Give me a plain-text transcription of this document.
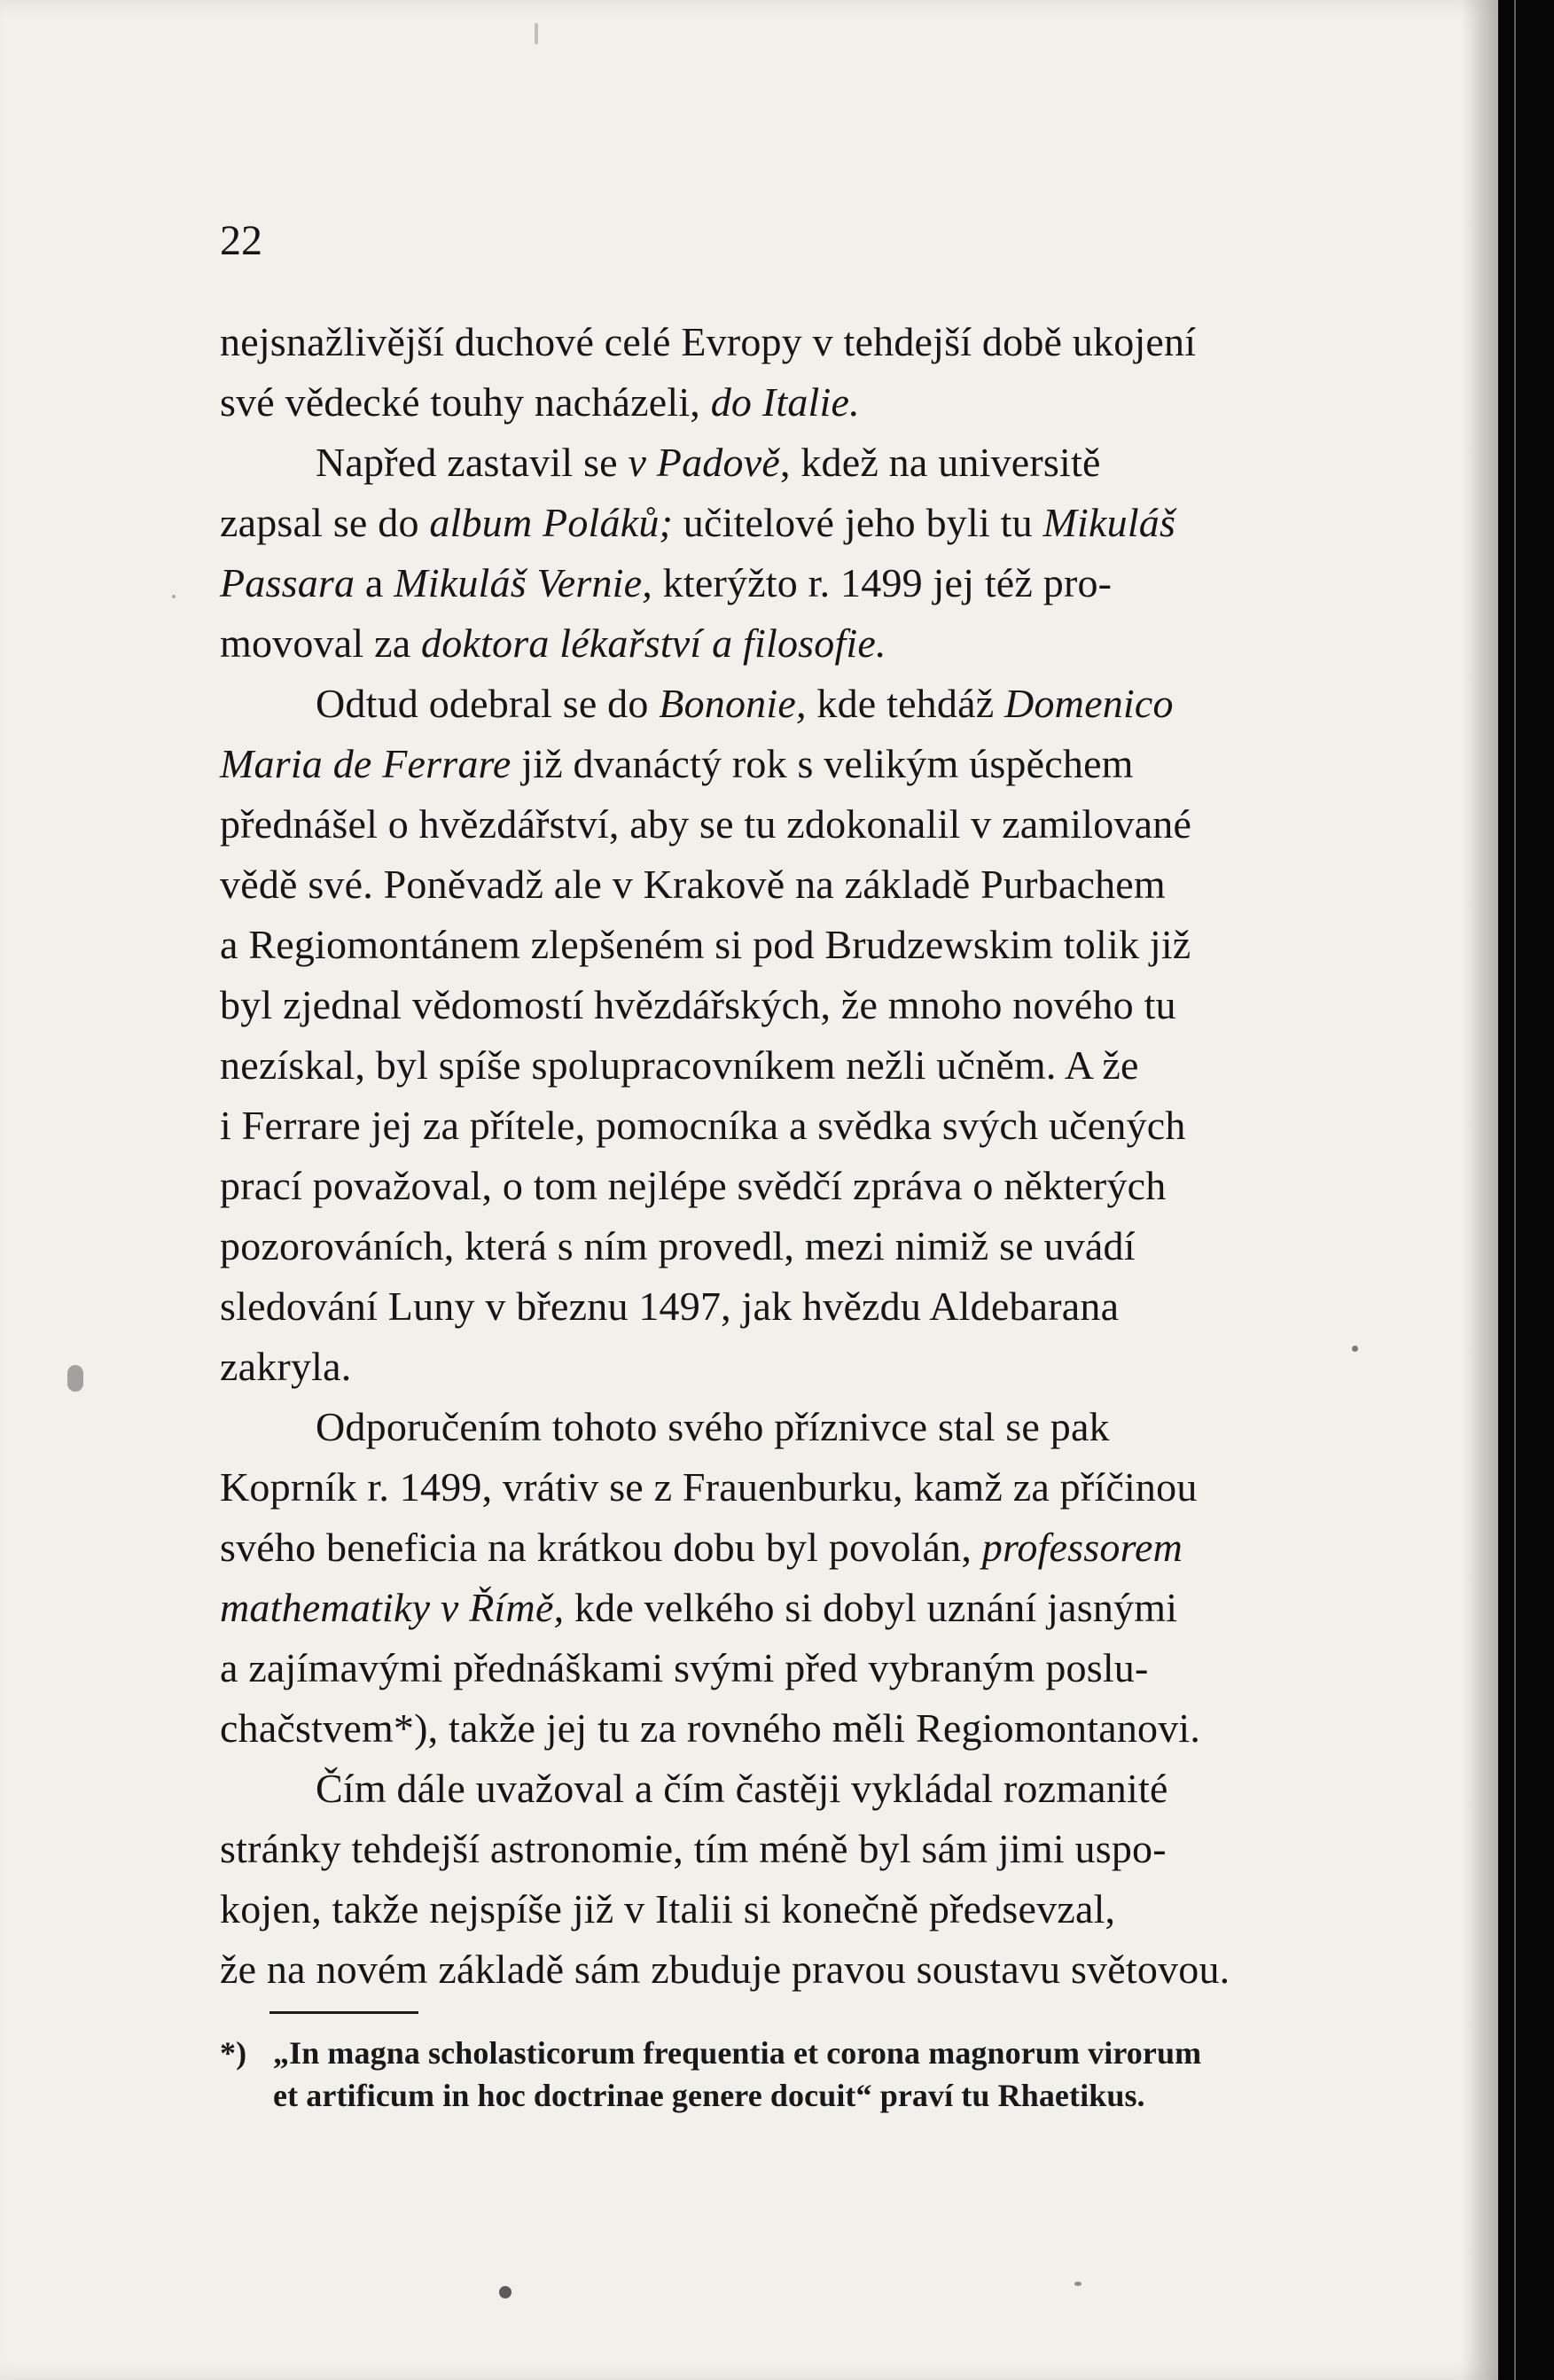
22

nejsnažlivější duchové celé Evropy v tehdejší době ukojení
své vědecké touhy nacházeli, do Italie.

Napřed zastavil se v Padově, kdež na universitě
zapsal se do album Poláků; učitelové jeho byli tu Mikuláš
Passara a Mikuláš Vernie, kterýžto r. 1499 jej též pro-
movoval za doktora lékařství a filosofie.

Odtud odebral se do Bononie, kde tehdáž Domenico
Maria de Ferrare již dvanáctý rok s velikým úspěchem
přednášel o hvězdářství, aby se tu zdokonalil v zamilované
vědě své. Poněvadž ale v Krakově na základě Purbachem
a Regiomontánem zlepšeném si pod Brudzewskim tolik již
byl zjednal vědomostí hvězdářských, že mnoho nového tu
nezískal, byl spíše spolupracovníkem nežli učněm. A že
i Ferrare jej za přítele, pomocníka a svědka svých učených
prací považoval, o tom nejlépe svědčí zpráva o některých
pozorováních, která s ním provedl, mezi nimiž se uvádí
sledování Luny v březnu 1497, jak hvězdu Aldebarana
zakryla.

Odporučením tohoto svého příznivce stal se pak
Koprník r. 1499, vrátiv se z Frauenburku, kamž za příčinou
svého beneficia na krátkou dobu byl povolán, professorem
mathematiky v Římě, kde velkého si dobyl uznání jasnými
a zajímavými přednáškami svými před vybraným poslu-
chačstvem*), takže jej tu za rovného měli Regiomontanovi.

Čím dále uvažoval a čím častěji vykládal rozmanité
stránky tehdejší astronomie, tím méně byl sám jimi uspo-
kojen, takže nejspíše již v Italii si konečně předsevzal,
že na novém základě sám zbuduje pravou soustavu světovou.

*) „In magna scholasticorum frequentia et corona magnorum virorum
et artificum in hoc doctrinae genere docuit“ praví tu Rhaetikus.
